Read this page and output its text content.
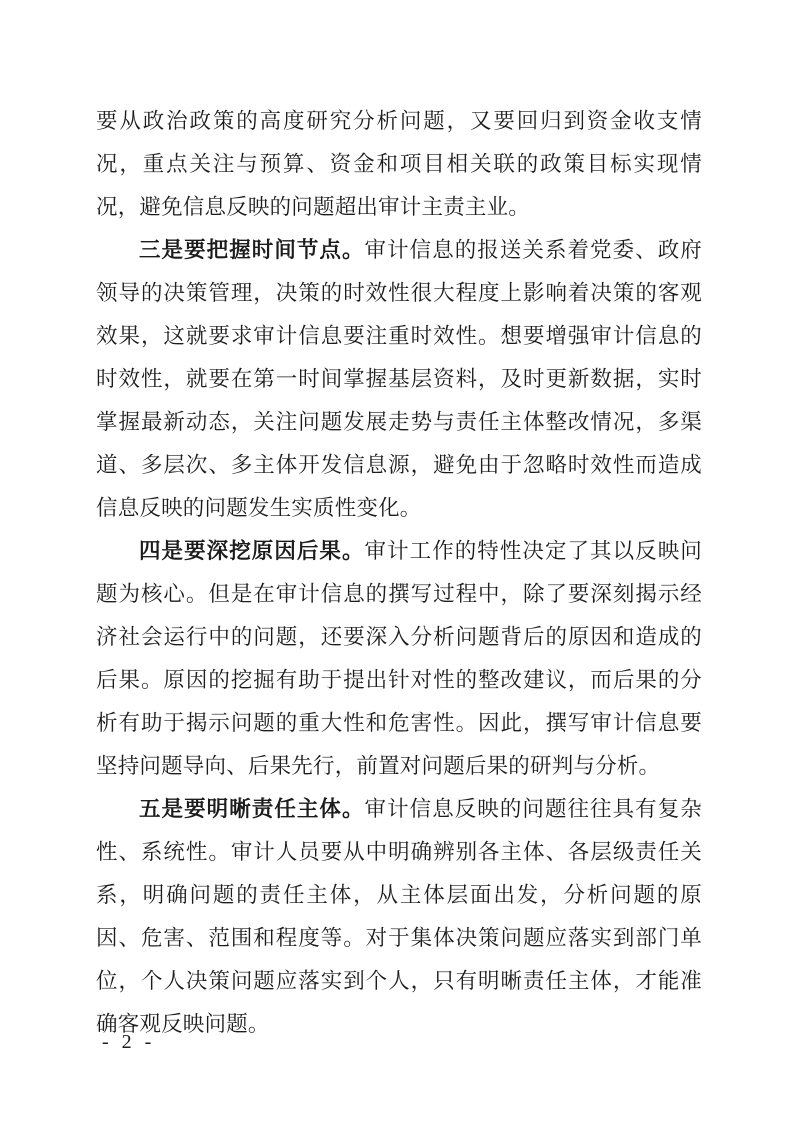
要从政治政策的高度研究分析问题，又要回归到资金收支情况，重点关注与预算、资金和项目相关联的政策目标实现情况，避免信息反映的问题超出审计主责主业。

三是要把握时间节点。审计信息的报送关系着党委、政府领导的决策管理，决策的时效性很大程度上影响着决策的客观效果，这就要求审计信息要注重时效性。想要增强审计信息的时效性，就要在第一时间掌握基层资料，及时更新数据，实时掌握最新动态，关注问题发展走势与责任主体整改情况，多渠道、多层次、多主体开发信息源，避免由于忽略时效性而造成信息反映的问题发生实质性变化。

四是要深挖原因后果。审计工作的特性决定了其以反映问题为核心。但是在审计信息的撰写过程中，除了要深刻揭示经济社会运行中的问题，还要深入分析问题背后的原因和造成的后果。原因的挖掘有助于提出针对性的整改建议，而后果的分析有助于揭示问题的重大性和危害性。因此，撰写审计信息要坚持问题导向、后果先行，前置对问题后果的研判与分析。

五是要明晰责任主体。审计信息反映的问题往往具有复杂性、系统性。审计人员要从中明确辨别各主体、各层级责任关系，明确问题的责任主体，从主体层面出发，分析问题的原因、危害、范围和程度等。对于集体决策问题应落实到部门单位，个人决策问题应落实到个人，只有明晰责任主体，才能准确客观反映问题。

- 2 -
